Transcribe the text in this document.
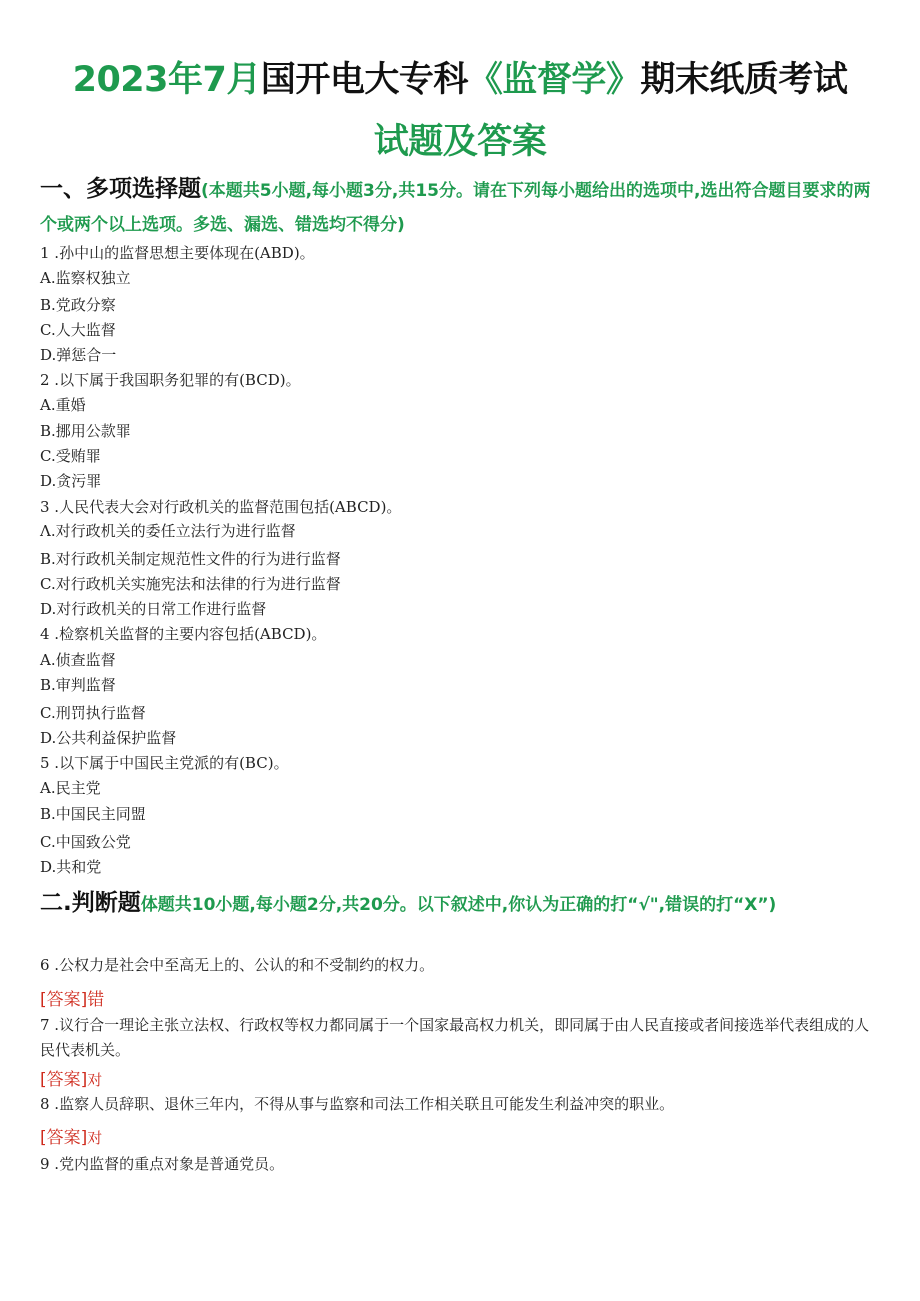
2023年7月国开电大专科《监督学》期末纸质考试
试题及答案
一、多项选择题(本题共5小题,每小题3分,共15分。请在下列每小题给出的选项中,选出符合题目要求的两个或两个以上选项。多选、漏选、错选均不得分)
1 .孙中山的监督思想主要体现在(ABD)。
A.监察权独立
B.党政分察
C.人大监督
D.弹惩合一
2 .以下属于我国职务犯罪的有(BCD)。
A.重婚
B.挪用公款罪
C.受贿罪
D.贪污罪
3 .人民代表大会对行政机关的监督范围包括(ABCD)。
Λ.对行政机关的委任立法行为进行监督
B.对行政机关制定规范性文件的行为进行监督
C.对行政机关实施宪法和法律的行为进行监督
D.对行政机关的日常工作进行监督
4 .检察机关监督的主要内容包括(ABCD)。
A.侦查监督
B.审判监督
C.刑罚执行监督
D.公共利益保护监督
5 .以下属于中国民主党派的有(BC)。
A.民主党
B.中国民主同盟
C.中国致公党
D.共和党
二.判断题体题共10小题,每小题2分,共20分。以下叙述中,你认为正确的打“√",错误的打“X”)
6 .公权力是社会中至高无上的、公认的和不受制约的权力。
[答案]错
7 .议行合一理论主张立法权、行政权等权力都同属于一个国家最高权力机关，即同属于由人民直接或者间接选举代表组成的人民代表机关。
[答案]对
8 .监察人员辞职、退休三年内，不得从事与监察和司法工作相关联且可能发生利益冲突的职业。
[答案]对
9 .党内监督的重点对象是普通党员。
